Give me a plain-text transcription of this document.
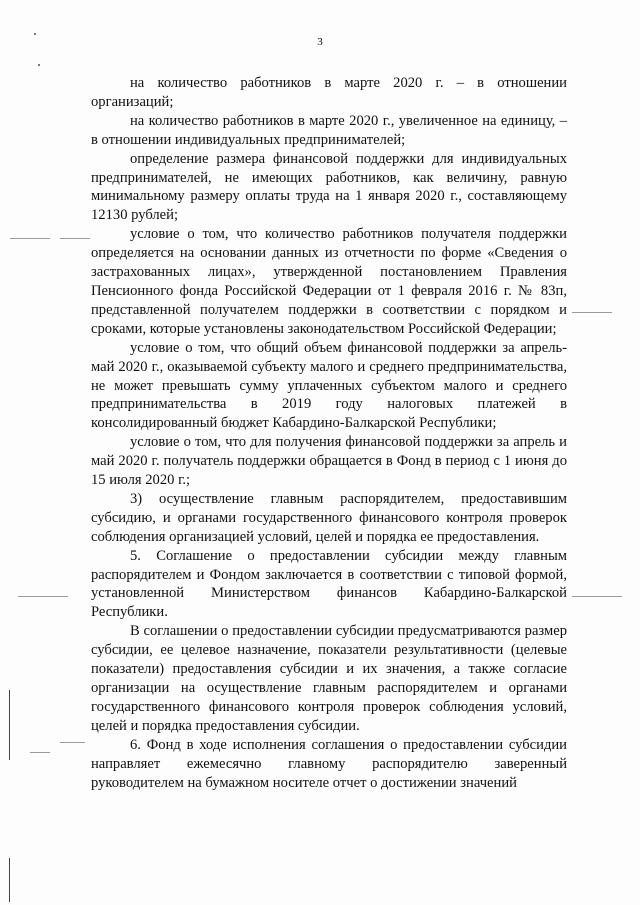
3

на количество работников в марте 2020 г. – в отношении организаций;

на количество работников в марте 2020 г., увеличенное на единицу, – в отношении индивидуальных предпринимателей;

определение размера финансовой поддержки для индивидуальных предпринимателей, не имеющих работников, как величину, равную минимальному размеру оплаты труда на 1 января 2020 г., составляющему 12130 рублей;

условие о том, что количество работников получателя поддержки определяется на основании данных из отчетности по форме «Сведения о застрахованных лицах», утвержденной постановлением Правления Пенсионного фонда Российской Федерации от 1 февраля 2016 г. № 83п, представленной получателем поддержки в соответствии с порядком и сроками, которые установлены законодательством Российской Федерации;

условие о том, что общий объем финансовой поддержки за апрель-май 2020 г., оказываемой субъекту малого и среднего предпринимательства, не может превышать сумму уплаченных субъектом малого и среднего предпринимательства в 2019 году налоговых платежей в консолидированный бюджет Кабардино-Балкарской Республики;

условие о том, что для получения финансовой поддержки за апрель и май 2020 г. получатель поддержки обращается в Фонд в период с 1 июня до 15 июля 2020 г.;

3) осуществление главным распорядителем, предоставившим субсидию, и органами государственного финансового контроля проверок соблюдения организацией условий, целей и порядка ее предоставления.

5. Соглашение о предоставлении субсидии между главным распорядителем и Фондом заключается в соответствии с типовой формой, установленной Министерством финансов Кабардино-Балкарской Республики.

В соглашении о предоставлении субсидии предусматриваются размер субсидии, ее целевое назначение, показатели результативности (целевые показатели) предоставления субсидии и их значения, а также согласие организации на осуществление главным распорядителем и органами государственного финансового контроля проверок соблюдения условий, целей и порядка предоставления субсидии.

6. Фонд в ходе исполнения соглашения о предоставлении субсидии направляет ежемесячно главному распорядителю заверенный руководителем на бумажном носителе отчет о достижении значений
